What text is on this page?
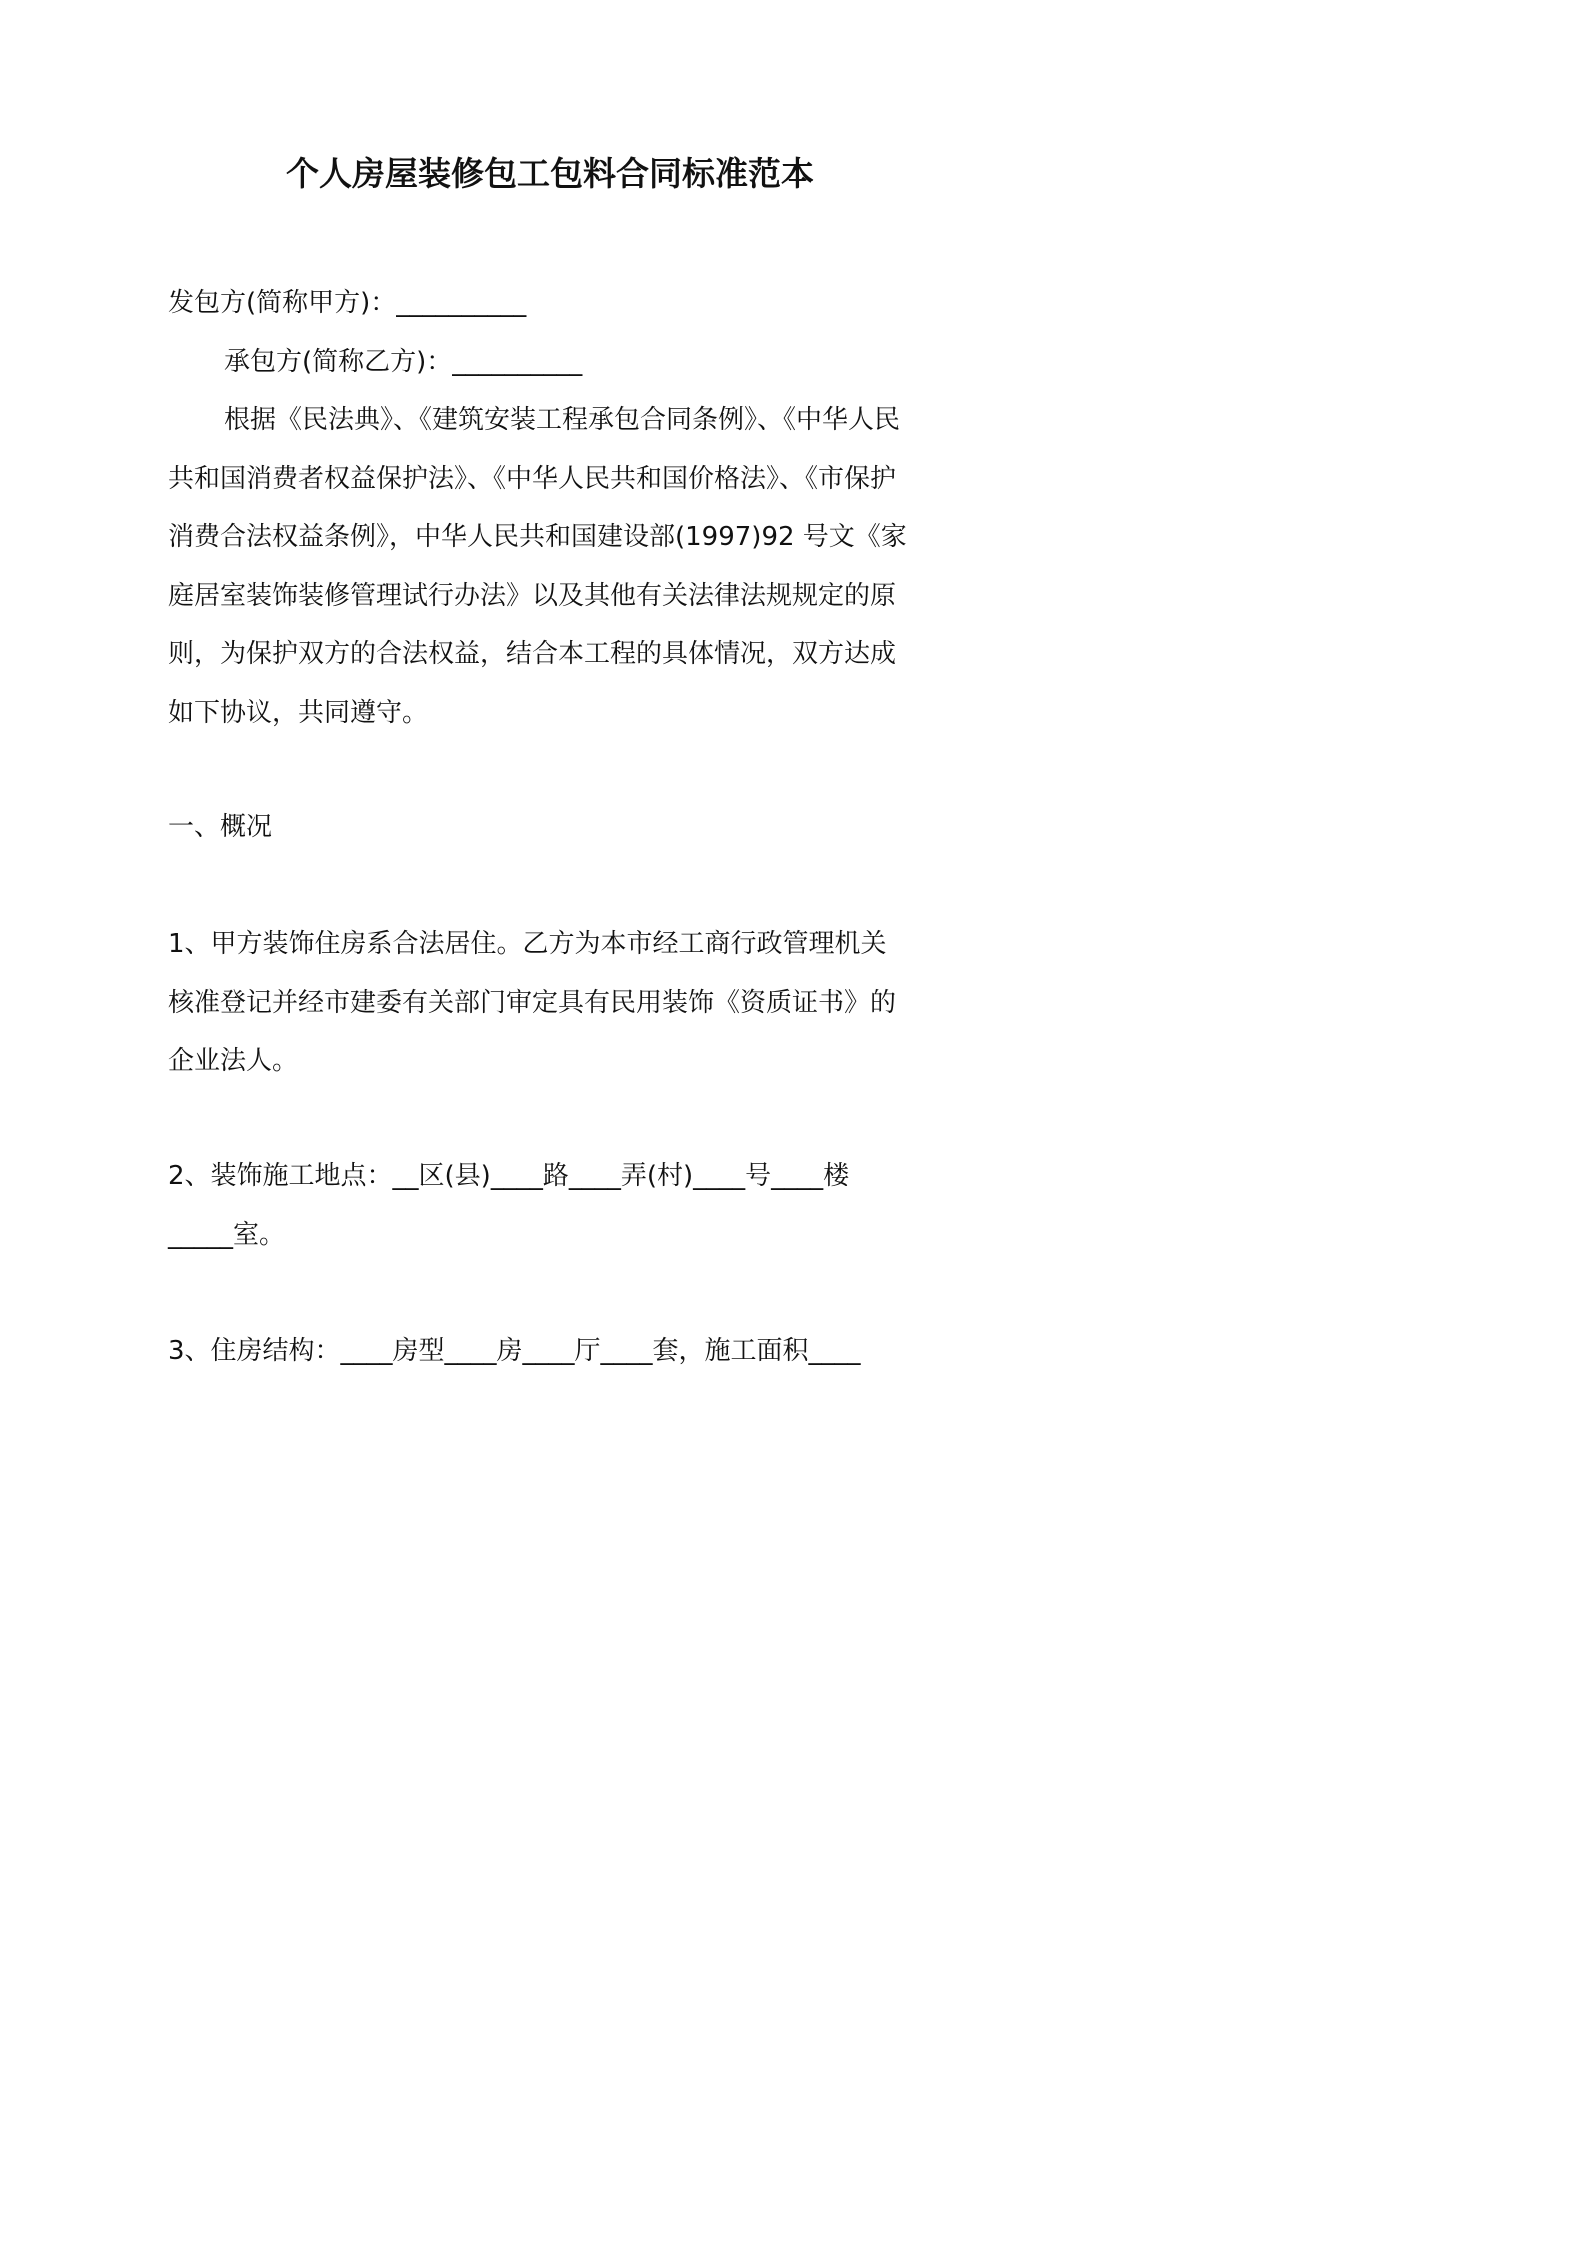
个人房屋装修包工包料合同标准范本
发包方(简称甲方)：__________
承包方(简称乙方)：__________
根据《民法典》、《建筑安装工程承包合同条例》、《中华人民
共和国消费者权益保护法》、《中华人民共和国价格法》、《市保护
消费合法权益条例》，中华人民共和国建设部(1997)92 号文《家
庭居室装饰装修管理试行办法》以及其他有关法律法规规定的原
则，为保护双方的合法权益，结合本工程的具体情况，双方达成
如下协议，共同遵守。
一、概况
1、甲方装饰住房系合法居住。乙方为本市经工商行政管理机关
核准登记并经市建委有关部门审定具有民用装饰《资质证书》的
企业法人。
2、装饰施工地点：__区(县)____路____弄(村)____号____楼
_____室。
3、住房结构：____房型____房____厅____套，施工面积____
